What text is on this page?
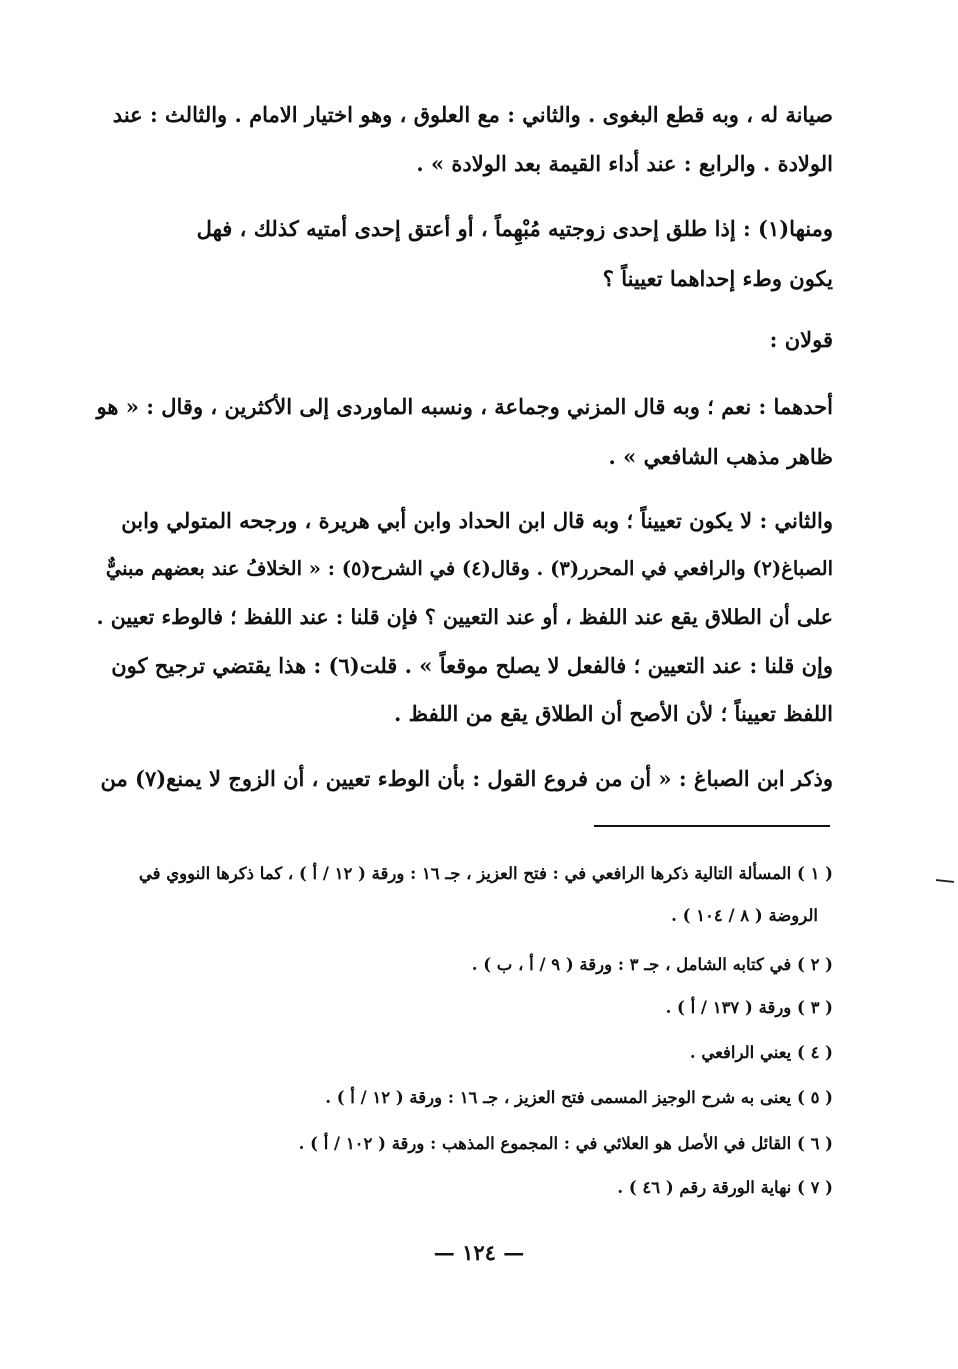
صيانة له ، وبه قطع البغوى . والثاني : مع العلوق ، وهو اختيار الامام . والثالث : عند
الولادة . والرابع : عند أداء القيمة بعد الولادة » .
ومنها(١) : إذا طلق إحدى زوجتيه مُبْهِماً ، أو أعتق إحدى أمتيه كذلك ، فهل
يكون وطء إحداهما تعييناً ؟
قولان :
أحدهما : نعم ؛ وبه قال المزني وجماعة ، ونسبه الماوردى إلى الأكثرين ، وقال : « هو
ظاهر مذهب الشافعي » .
والثاني : لا يكون تعييناً ؛ وبه قال ابن الحداد وابن أبي هريرة ، ورجحه المتولي وابن
الصباغ(٢) والرافعي في المحرر(٣) . وقال(٤) في الشرح(٥) : « الخلافُ عند بعضهم مبنيٌّ
على أن الطلاق يقع عند اللفظ ، أو عند التعيين ؟ فإن قلنا : عند اللفظ ؛ فالوطء تعيين .
وإن قلنا : عند التعيين ؛ فالفعل لا يصلح موقعاً » . قلت(٦) : هذا يقتضي ترجيح كون
اللفظ تعييناً ؛ لأن الأصح أن الطلاق يقع من اللفظ .
وذكر ابن الصباغ : « أن من فروع القول : بأن الوطء تعيين ، أن الزوج لا يمنع(٧) من
( ١ ) المسألة التالية ذكرها الرافعي في : فتح العزيز ، جـ ١٦ : ورقة ( ١٢ / أ ) ، كما ذكرها النووي في
الروضة ( ٨ / ١٠٤ ) .
( ٢ ) في كتابه الشامل ، جـ ٣ : ورقة ( ٩ / أ ، ب ) .
( ٣ ) ورقة ( ١٣٧ / أ ) .
( ٤ ) يعني الرافعي .
( ٥ ) يعنى به شرح الوجيز المسمى فتح العزيز ، جـ ١٦ : ورقة ( ١٢ / أ ) .
( ٦ ) القائل في الأصل هو العلائي في : المجموع المذهب : ورقة ( ١٠٢ / أ ) .
( ٧ ) نهاية الورقة رقم ( ٤٦ ) .
— ١٢٤ —
